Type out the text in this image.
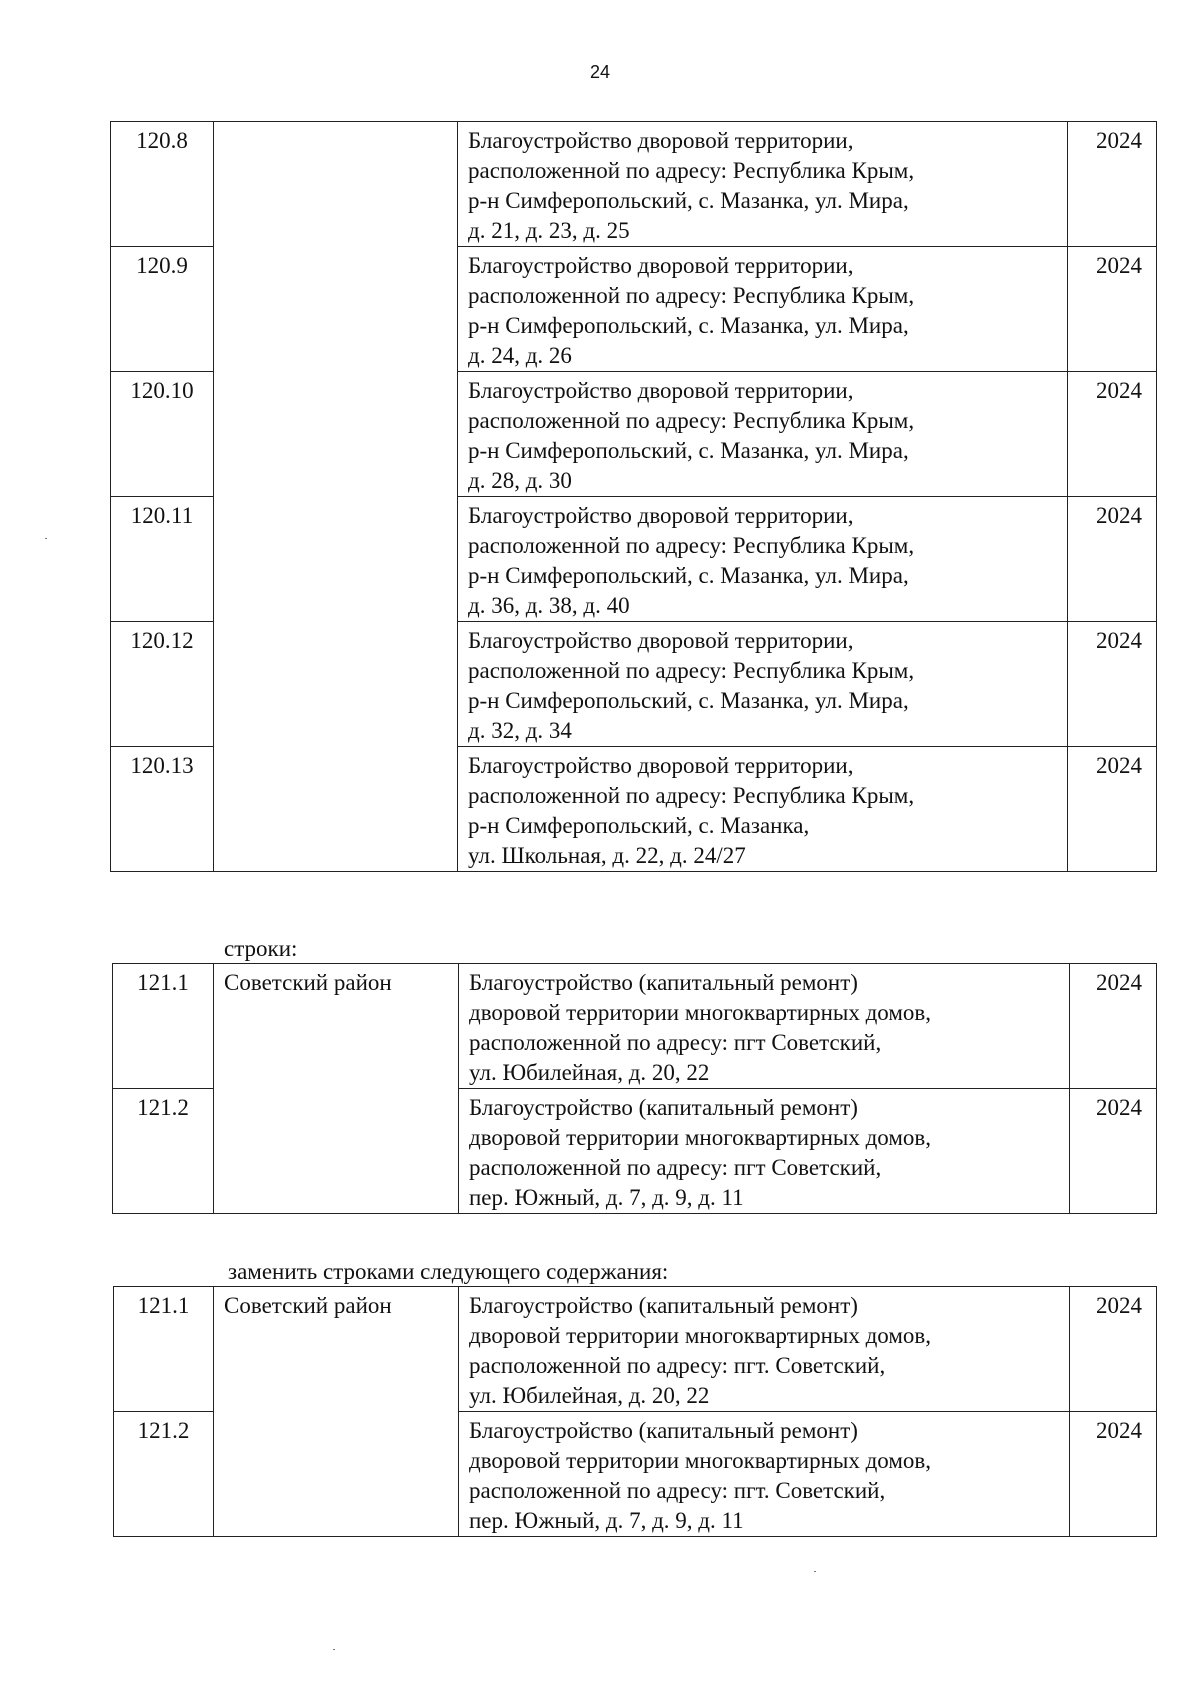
24
120.8		Благоустройство дворовой территории,
расположенной по адресу: Республика Крым,
р-н Симферопольский, с. Мазанка, ул. Мира,
д. 21, д. 23, д. 25	2024
120.9		Благоустройство дворовой территории,
расположенной по адресу: Республика Крым,
р-н Симферопольский, с. Мазанка, ул. Мира,
д. 24, д. 26	2024
120.10		Благоустройство дворовой территории,
расположенной по адресу: Республика Крым,
р-н Симферопольский, с. Мазанка, ул. Мира,
д. 28, д. 30	2024
120.11		Благоустройство дворовой территории,
расположенной по адресу: Республика Крым,
р-н Симферопольский, с. Мазанка, ул. Мира,
д. 36, д. 38, д. 40	2024
120.12		Благоустройство дворовой территории,
расположенной по адресу: Республика Крым,
р-н Симферопольский, с. Мазанка, ул. Мира,
д. 32, д. 34	2024
120.13		Благоустройство дворовой территории,
расположенной по адресу: Республика Крым,
р-н Симферопольский, с. Мазанка,
ул. Школьная, д. 22, д. 24/27	2024
строки:
121.1	Советский район	Благоустройство (капитальный ремонт)
дворовой территории многоквартирных домов,
расположенной по адресу: пгт Советский,
ул. Юбилейная, д. 20, 22	2024
121.2		Благоустройство (капитальный ремонт)
дворовой территории многоквартирных домов,
расположенной по адресу: пгт Советский,
пер. Южный, д. 7, д. 9, д. 11	2024
заменить строками следующего содержания:
121.1	Советский район	Благоустройство (капитальный ремонт)
дворовой территории многоквартирных домов,
расположенной по адресу: пгт. Советский,
ул. Юбилейная, д. 20, 22	2024
121.2		Благоустройство (капитальный ремонт)
дворовой территории многоквартирных домов,
расположенной по адресу: пгт. Советский,
пер. Южный, д. 7, д. 9, д. 11	2024
